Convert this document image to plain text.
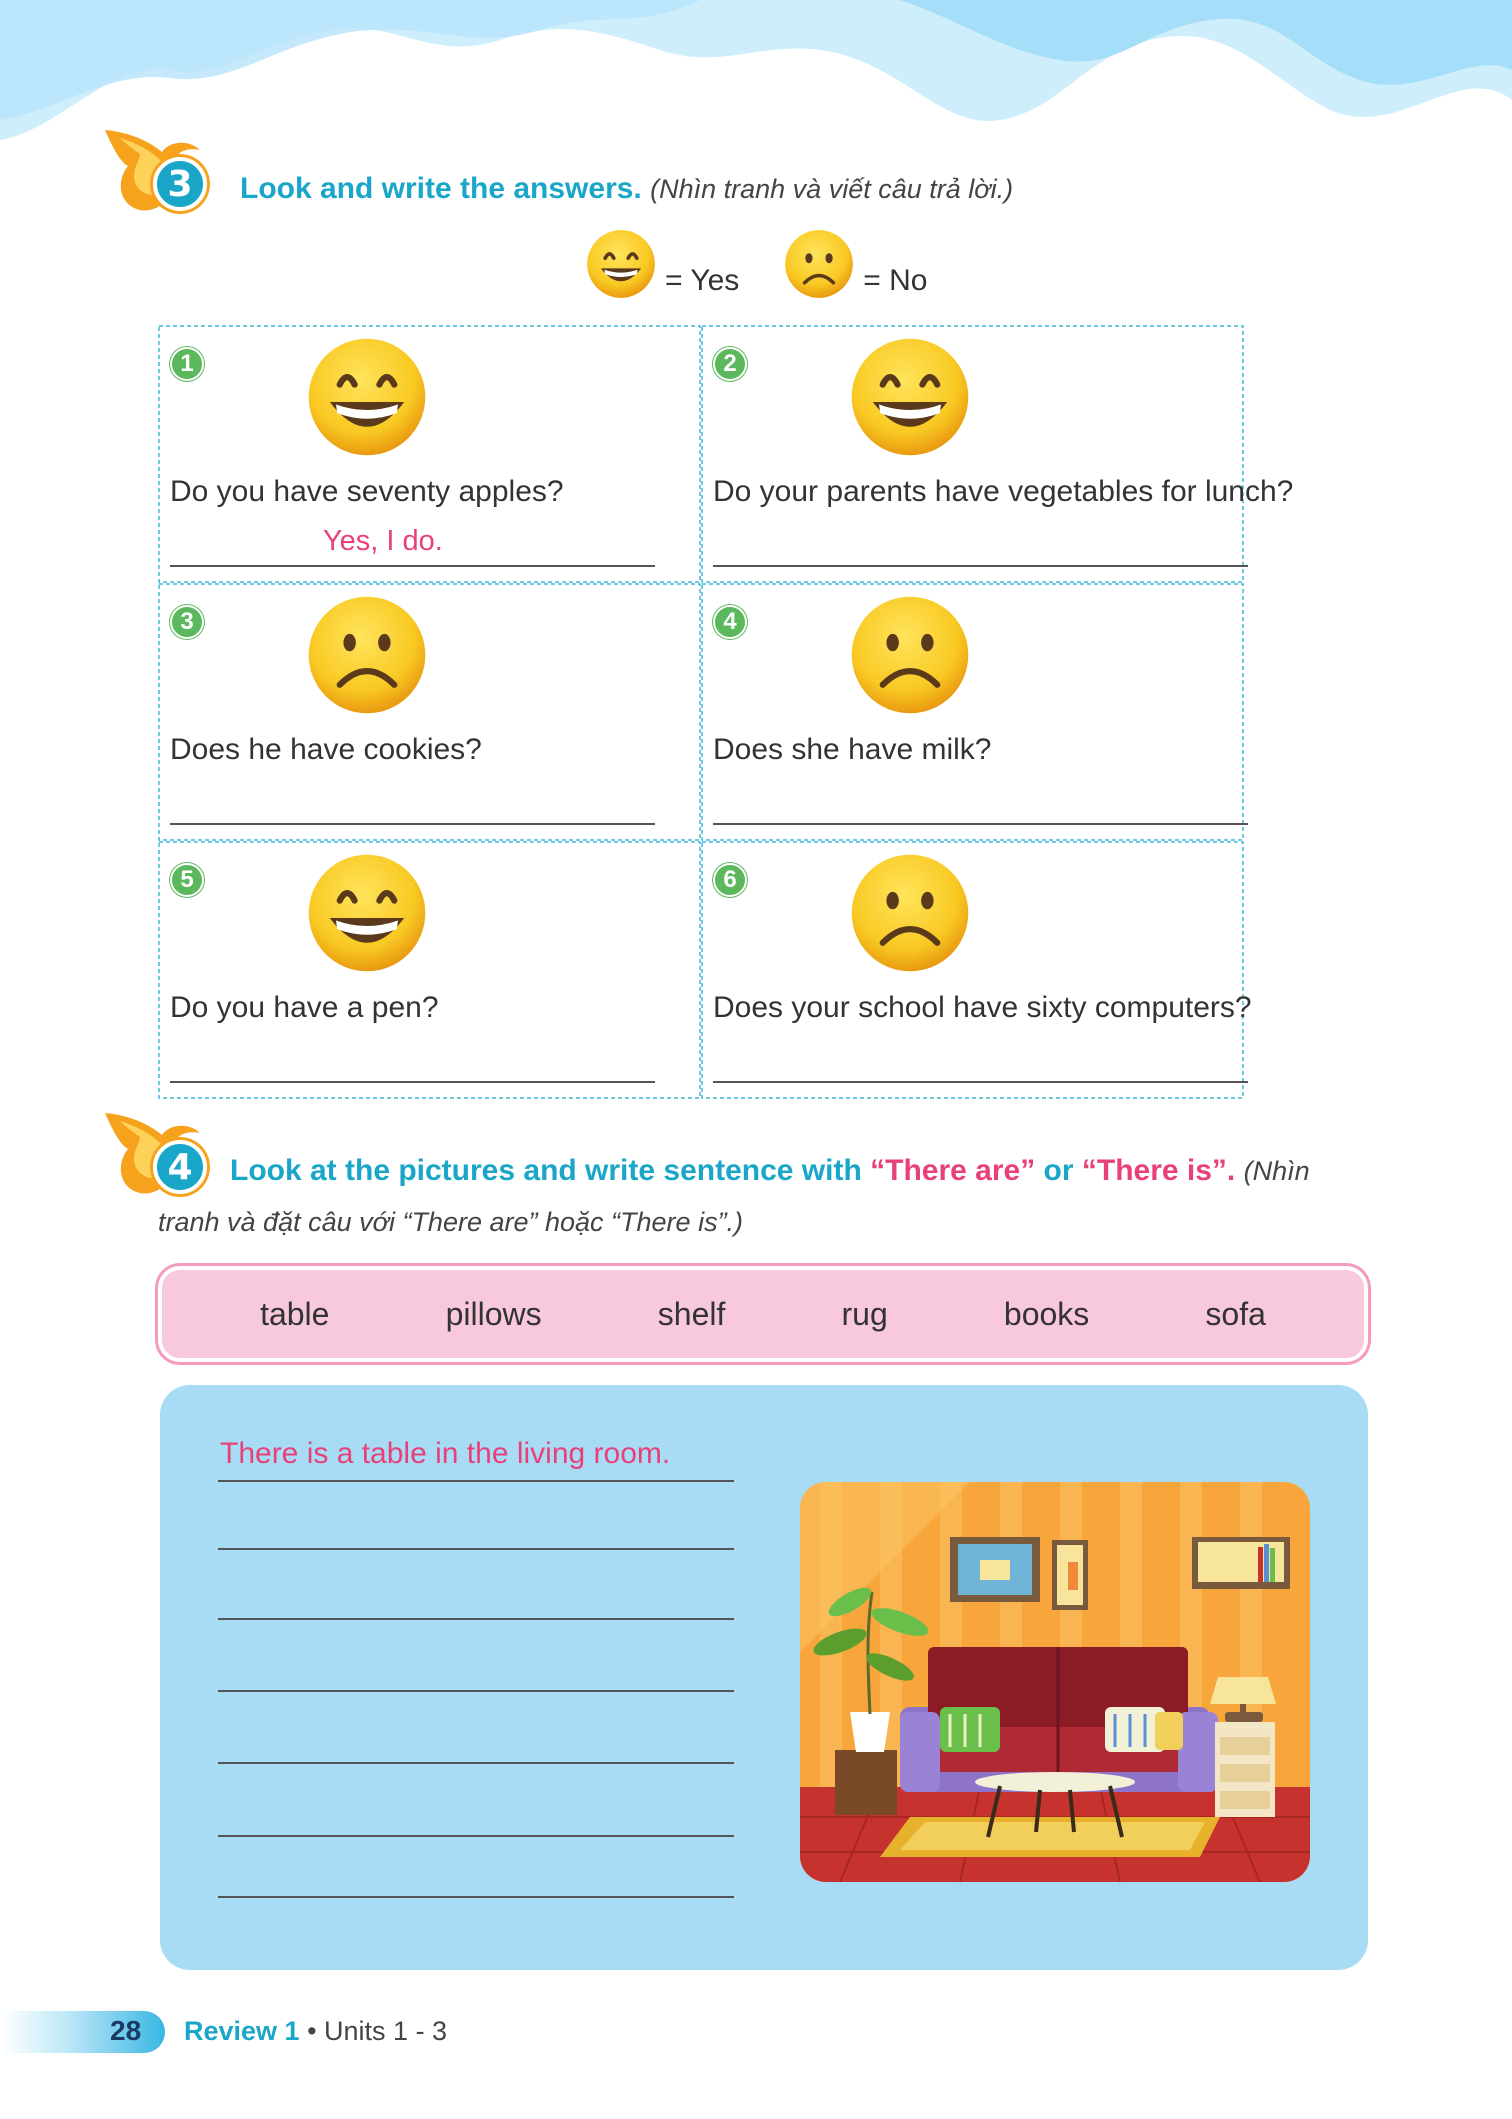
3	Look and write the answers. (Nhìn tranh và viết câu trả lời.)
= Yes	= No
1
Do you have seventy apples?
Yes, I do.
2
Do your parents have vegetables for lunch?
3
Does he have cookies?
4
Does she have milk?
5
Do you have a pen?
6
Does your school have sixty computers?
4	Look at the pictures and write sentence with “There are” or “There is”. (Nhìn
tranh và đặt câu với “There are” hoặc “There is”.)
table	pillows	shelf	rug	books	sofa
There is a table in the living room.
28 Review 1 • Units 1 - 3
